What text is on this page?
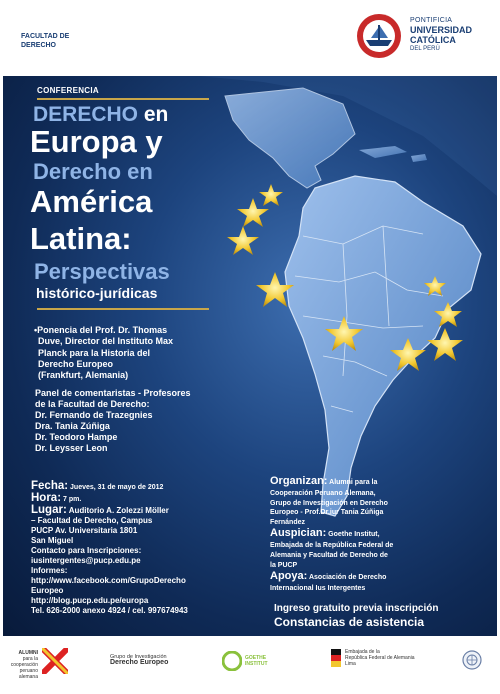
FACULTAD DE DERECHO
PONTIFICIA
UNIVERSIDAD
CATÓLICA
DEL PERÚ
CONFERENCIA
DERECHO en
Europa y
Derecho en
América
Latina:
Perspectivas
histórico-jurídicas
•Ponencia del Prof. Dr. Thomas
Duve, Director del Instituto Max
Planck para la Historia del
Derecho Europeo
(Frankfurt, Alemania)
Panel de comentaristas - Profesores
de la Facultad de Derecho:
Dr. Fernando de Trazegnies
Dra. Tania Zúñiga
Dr. Teodoro Hampe
Dr. Leysser Leon
Fecha: Jueves, 31 de mayo de 2012
Hora: 7 pm.
Lugar: Auditorio A. Zolezzi Möller
– Facultad de Derecho, Campus
PUCP Av. Universitaria 1801
San Miguel
Contacto para Inscripciones:
iusintergentes@pucp.edu.pe
Informes:
http://www.facebook.com/GrupoDerecho
Europeo
http://blog.pucp.edu.pe/europa
Tel. 626-2000 anexo 4924 / cel. 997674943
Organizan: Alumni para la
Cooperación Peruano Alemana,
Grupo de Investigación en Derecho
Europeo - Prof.Dr.iur Tania Zúñiga
Fernández
Auspician: Goethe Institut,
Embajada de la República Federal de
Alemania y Facultad de Derecho de
la PUCP
Apoya: Asociación de Derecho
Internacional Ius Intergentes
Ingreso gratuito previa inscripción
Constancias de asistencia
ALUMNI
para la
cooperación
peruano alemana
Grupo de Investigación
Derecho Europeo
GOETHE
INSTITUT
Embajada de la
República Federal de Alemania
Lima
